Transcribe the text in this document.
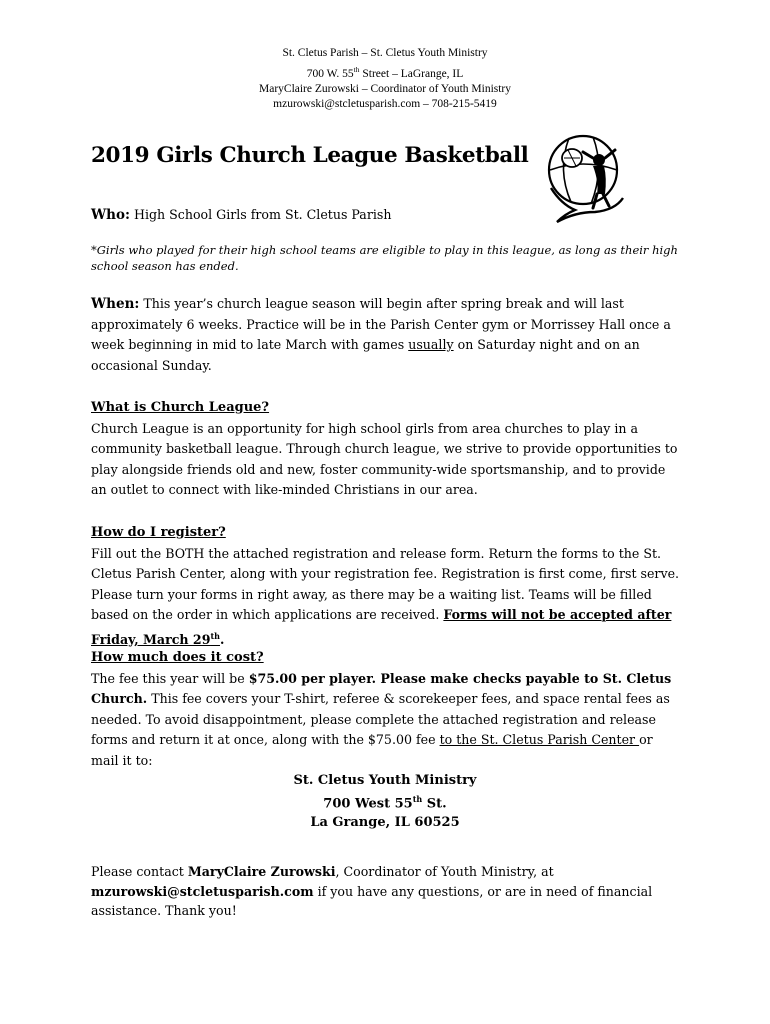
St. Cletus Parish – St. Cletus Youth Ministry
700 W. 55th Street – LaGrange, IL
MaryClaire Zurowski – Coordinator of Youth Ministry
mzurowski@stcletusparish.com – 708-215-5419
2019 Girls Church League Basketball
Who: High School Girls from St. Cletus Parish
*Girls who played for their high school teams are eligible to play in this league, as long as their high school season has ended.
When: This year’s church league season will begin after spring break and will last approximately 6 weeks. Practice will be in the Parish Center gym or Morrissey Hall once a week beginning in mid to late March with games usually on Saturday night and on an occasional Sunday.
What is Church League?
Church League is an opportunity for high school girls from area churches to play in a community basketball league. Through church league, we strive to provide opportunities to play alongside friends old and new, foster community-wide sportsmanship, and to provide an outlet to connect with like-minded Christians in our area.
How do I register?
Fill out the BOTH the attached registration and release form. Return the forms to the St. Cletus Parish Center, along with your registration fee. Registration is first come, first serve. Please turn your forms in right away, as there may be a waiting list. Teams will be filled based on the order in which applications are received. Forms will not be accepted after Friday, March 29th.
How much does it cost?
The fee this year will be $75.00 per player. Please make checks payable to St. Cletus Church. This fee covers your T-shirt, referee & scorekeeper fees, and space rental fees as needed. To avoid disappointment, please complete the attached registration and release forms and return it at once, along with the $75.00 fee to the St. Cletus Parish Center or mail it to:
St. Cletus Youth Ministry
700 West 55th St.
La Grange, IL 60525
Please contact MaryClaire Zurowski, Coordinator of Youth Ministry, at mzurowski@stcletusparish.com if you have any questions, or are in need of financial assistance. Thank you!
